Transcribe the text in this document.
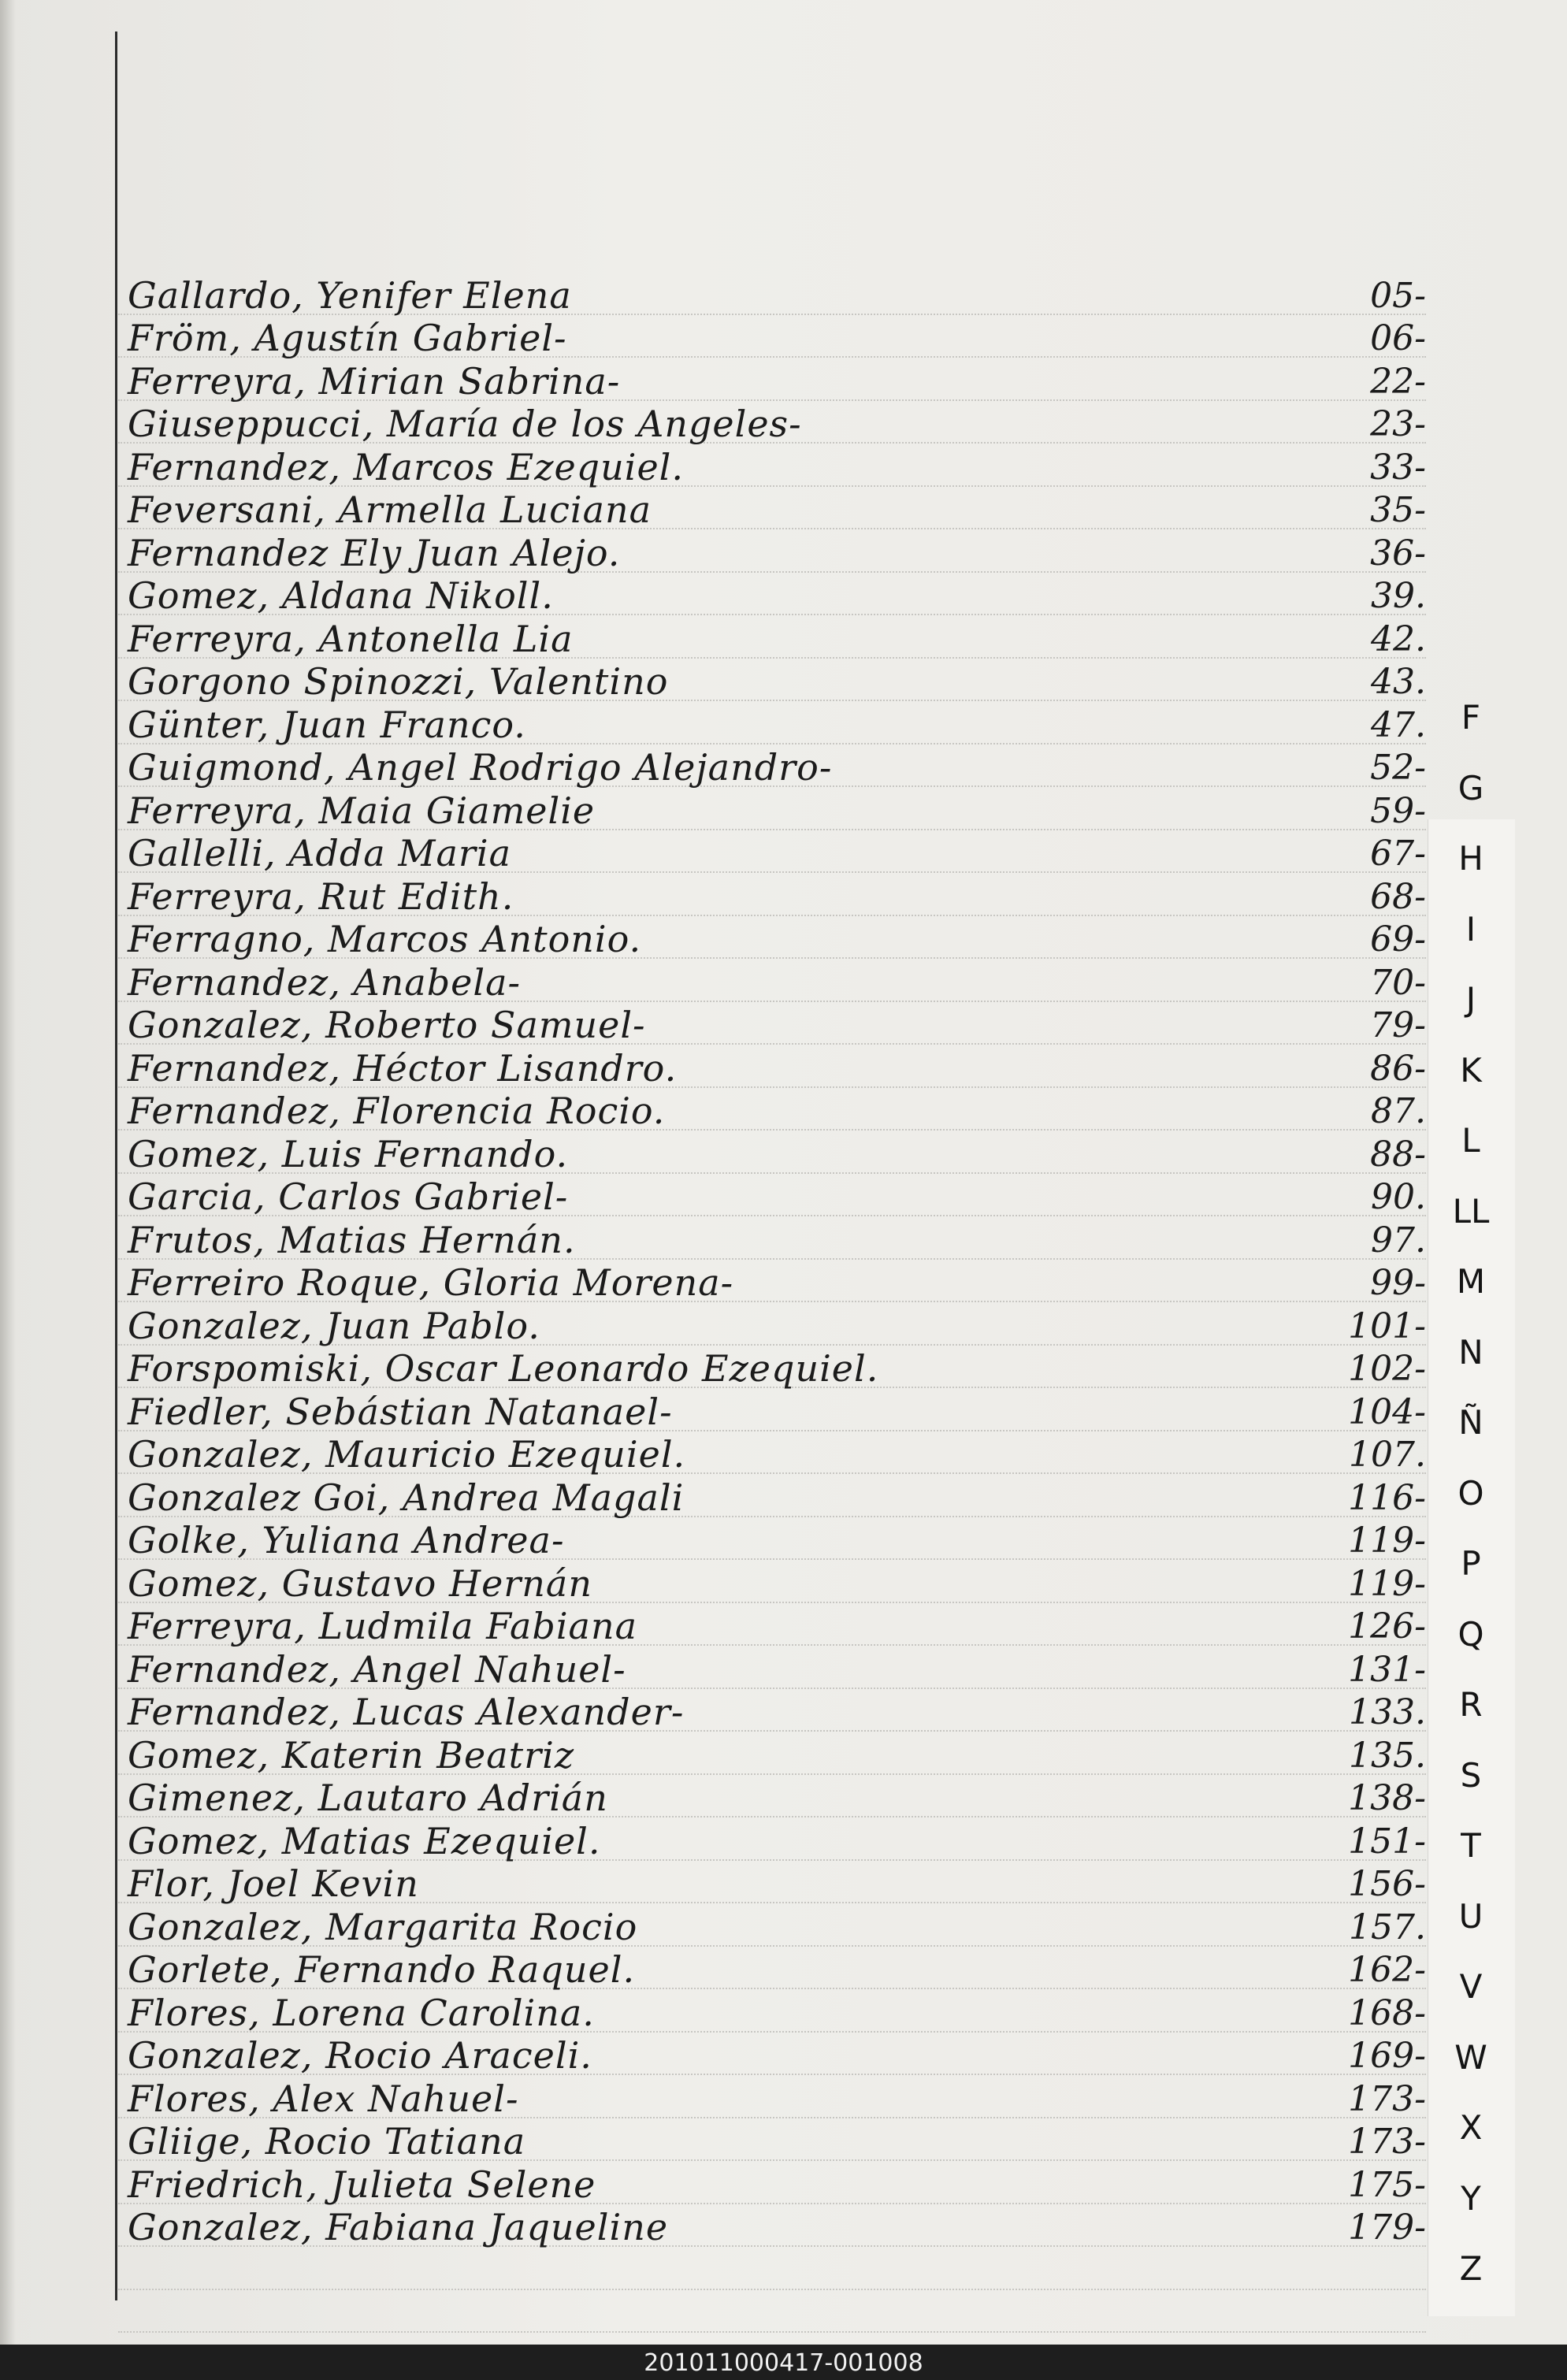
Gallardo, Yenifer Elena	05-
Fröm, Agustín Gabriel-	06-
Ferreyra, Mirian Sabrina-	22-
Giuseppucci, María de los Angeles-	23-
Fernandez, Marcos Ezequiel.	33-
Feversani, Armella Luciana	35-
Fernandez Ely Juan Alejo.	36-
Gomez, Aldana Nikoll.	39.
Ferreyra, Antonella Lia	42.
Gorgono Spinozzi, Valentino	43.
Günter, Juan Franco.	47.
Guigmond, Angel Rodrigo Alejandro-	52-
Ferreyra, Maia Giamelie	59-
Gallelli, Adda Maria	67-
Ferreyra, Rut Edith.	68-
Ferragno, Marcos Antonio.	69-
Fernandez, Anabela-	70-
Gonzalez, Roberto Samuel-	79-
Fernandez, Héctor Lisandro.	86-
Fernandez, Florencia Rocio.	87.
Gomez, Luis Fernando.	88-
Garcia, Carlos Gabriel-	90.
Frutos, Matias Hernán.	97.
Ferreiro Roque, Gloria Morena-	99-
Gonzalez, Juan Pablo.	101-
Forspomiski, Oscar Leonardo Ezequiel.	102-
Fiedler, Sebástian Natanael-	104-
Gonzalez, Mauricio Ezequiel.	107.
Gonzalez Goi, Andrea Magali	116-
Golke, Yuliana Andrea-	119-
Gomez, Gustavo Hernán	119-
Ferreyra, Ludmila Fabiana	126-
Fernandez, Angel Nahuel-	131-
Fernandez, Lucas Alexander-	133.
Gomez, Katerin Beatriz	135.
Gimenez, Lautaro Adrián	138-
Gomez, Matias Ezequiel.	151-
Flor, Joel Kevin	156-
Gonzalez, Margarita Rocio	157.
Gorlete, Fernando Raquel.	162-
Flores, Lorena Carolina.	168-
Gonzalez, Rocio Araceli.	169-
Flores, Alex Nahuel-	173-
Gliige, Rocio Tatiana	173-
Friedrich, Julieta Selene	175-
Gonzalez, Fabiana Jaqueline	179-
F
G
H
I
J
K
L
LL
M
N
Ñ
O
P
Q
R
S
T
U
V
W
X
Y
Z
201011000417-001008
